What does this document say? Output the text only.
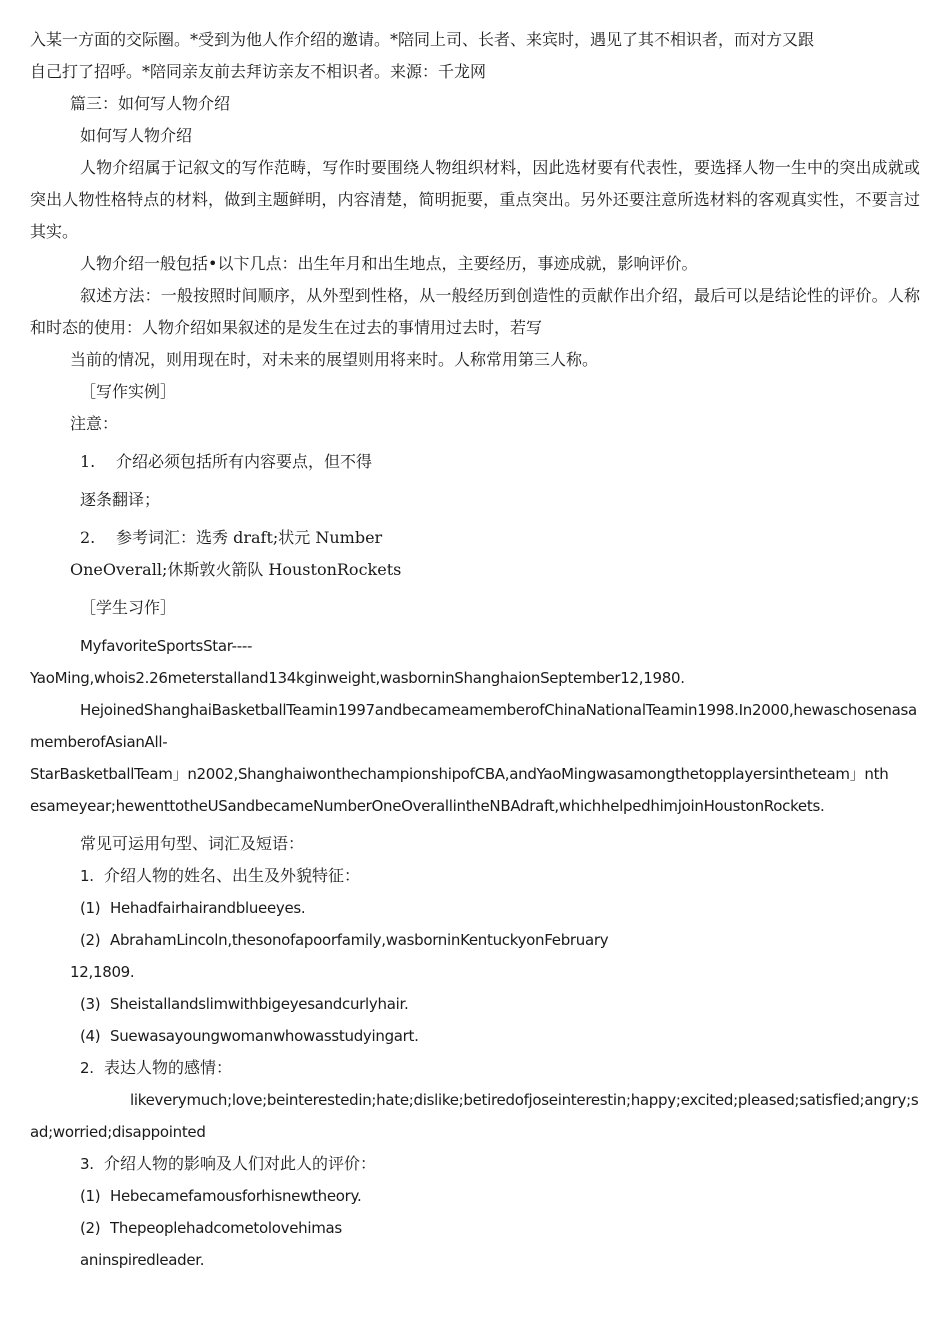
入某一方面的交际圈。*受到为他人作介绍的邀请。*陪同上司、长者、来宾时，遇见了其不相识者，而对方又跟
自己打了招呼。*陪同亲友前去拜访亲友不相识者。来源：千龙网
篇三：如何写人物介绍
如何写人物介绍
人物介绍属于记叙文的写作范畴，写作时要围绕人物组织材料，因此选材要有代表性，要选择人物一生中的突出成就或突出人物性格特点的材料，做到主题鲜明，内容清楚，简明扼要，重点突出。另外还要注意所选材料的客观真实性，不要言过其实。
人物介绍一般包括•以卞几点：出生年月和出生地点，主要经历，事迹成就，影响评价。
叙述方法：一般按照时间顺序，从外型到性格，从一般经历到创造性的贡献作出介绍，最后可以是结论性的评价。人称和时态的使用：人物介绍如果叙述的是发生在过去的事情用过去时，若写
当前的情况，则用现在时，对未来的展望则用将来时。人称常用第三人称。
［写作实例］
注意：
1. 介绍必须包括所有内容要点，但不得
逐条翻译；
2. 参考词汇：选秀 draft;状元 Number
OneOverall;休斯敦火箭队 HoustonRockets
［学生习作］
MyfavoriteSportsStar----
YaoMing,whois2.26meterstalland134kginweight,wasborninShanghaionSeptember12,1980.
HejoinedShanghaiBasketballTeamin1997andbecameamemberofChinaNationalTeamin1998.In2000,hewaschosenasamemberofAsianAll-
StarBasketballTeam」n2002,ShanghaiwonthechampionshipofCBA,andYaoMingwasamongthetopplayersintheteam」nth
esameyear;hewenttotheUSandbecameNumberOneOverallintheNBAdraft,whichhelpedhimjoinHoustonRockets.
常见可运用句型、词汇及短语：
1. 介绍人物的姓名、出生及外貌特征：
(1) Hehadfairhairandblueeyes.
(2) AbrahamLincoln,thesonofapoorfamily,wasborninKentuckyonFebruary
12,1809.
(3) Sheistallandslimwithbigeyesandcurlyhair.
(4) Suewasayoungwomanwhowasstudyingart.
2. 表达人物的感情：
likeverymuch;love;beinterestedin;hate;dislike;betiredofjoseinterestin;happy;excited;pleased;satisfied;angry;sad;worried;disappointed
3. 介绍人物的影响及人们对此人的评价：
(1) Hebecamefamousforhisnewtheory.
(2) Thepeoplehadcometolovehimas
aninspiredleader.
